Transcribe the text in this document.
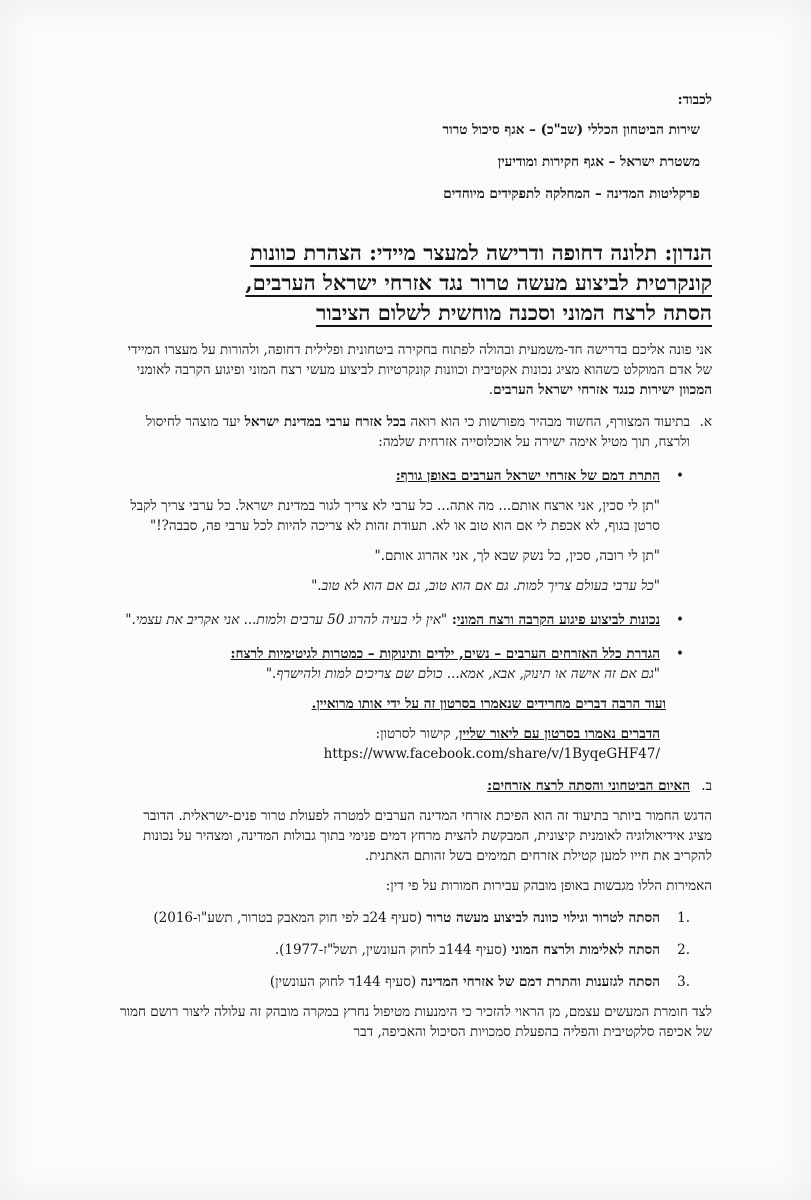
לכבוד:
שירות הביטחון הכללי (שב"כ) – אגף סיכול טרור
משטרת ישראל – אגף חקירות ומודיעין
פרקליטות המדינה – המחלקה לתפקידים מיוחדים
הנדון: תלונה דחופה ודרישה למעצר מיידי: הצהרת כוונות
קונקרטית לביצוע מעשה טרור נגד אזרחי ישראל הערבים,
הסתה לרצח המוני וסכנה מוחשית לשלום הציבור
אני פונה אליכם בדרישה חד-משמעית ובהולה לפתוח בחקירה ביטחונית ופלילית דחופה, ולהורות על מעצרו המיידי של אדם המוקלט כשהוא מציג נכונות אקטיבית וכוונות קונקרטיות לביצוע מעשי רצח המוני ופיגוע הקרבה לאומני המכוון ישירות כנגד אזרחי ישראל הערבים.
א.
בתיעוד המצורף, החשוד מבהיר מפורשות כי הוא רואה בכל אזרח ערבי במדינת ישראל יעד מוצהר לחיסול ולרצח, תוך מטיל אימה ישירה על אוכלוסייה אזרחית שלמה:
•
התרת דמם של אזרחי ישראל הערבים באופן גורף:
"תן לי סכין, אני ארצח אותם... מה אתה... כל ערבי לא צריך לגור במדינת ישראל. כל ערבי צריך לקבל סרטן בגוף, לא אכפת לי אם הוא טוב או לא. תעודת זהות לא צריכה להיות לכל ערבי פה, סבבה?!"
"תן לי רובה, סכין, כל נשק שבא לך, אני אהרוג אותם."
"כל ערבי בעולם צריך למות. גם אם הוא טוב, גם אם הוא לא טוב."
•
נכונות לביצוע פיגוע הקרבה ורצח המוני: "אין לי בעיה להרוג 50 ערבים ולמות... אני אקריב את עצמי."
•
הגדרת כלל האזרחים הערבים – נשים, ילדים ותינוקות – כמטרות לגיטימיות לרצח:
"גם אם זה אישה או תינוק, אבא, אמא... כולם שם צריכים למות ולהישרף."
ועוד הרבה דברים מחרידים שנאמרו בסרטון זה על ידי אותו מרואיין.
הדברים נאמרו בסרטון עם ליאור שליין, קישור לסרטון:
https://www.facebook.com/share/v/1ByqeGHF47/
ב.
האיום הביטחוני והסתה לרצח אזרחים:
הדגש החמור ביותר בתיעוד זה הוא הפיכת אזרחי המדינה הערבים למטרה לפעולת טרור פנים-ישראלית. הדובר מציג אידיאולוגיה לאומנית קיצונית, המבקשת להצית מרחץ דמים פנימי בתוך גבולות המדינה, ומצהיר על נכונות להקריב את חייו למען קטילת אזרחים תמימים בשל זהותם האתנית.
האמירות הללו מגבשות באופן מובהק עבירות חמורות על פי דין:
.1
הסתה לטרור וגילוי כוונה לביצוע מעשה טרור (סעיף 24ב לפי חוק המאבק בטרור, תשע"ו-2016)
.2
הסתה לאלימות ולרצח המוני (סעיף 144ב לחוק העונשין, תשל"ז-1977).
.3
הסתה לגזענות והתרת דמם של אזרחי המדינה (סעיף 144ד לחוק העונשין)
לצד חומרת המעשים עצמם, מן הראוי להזכיר כי הימנעות מטיפול נחרץ במקרה מובהק זה עלולה ליצור רושם חמור של אכיפה סלקטיבית והפליה בהפעלת סמכויות הסיכול והאכיפה, דבר
